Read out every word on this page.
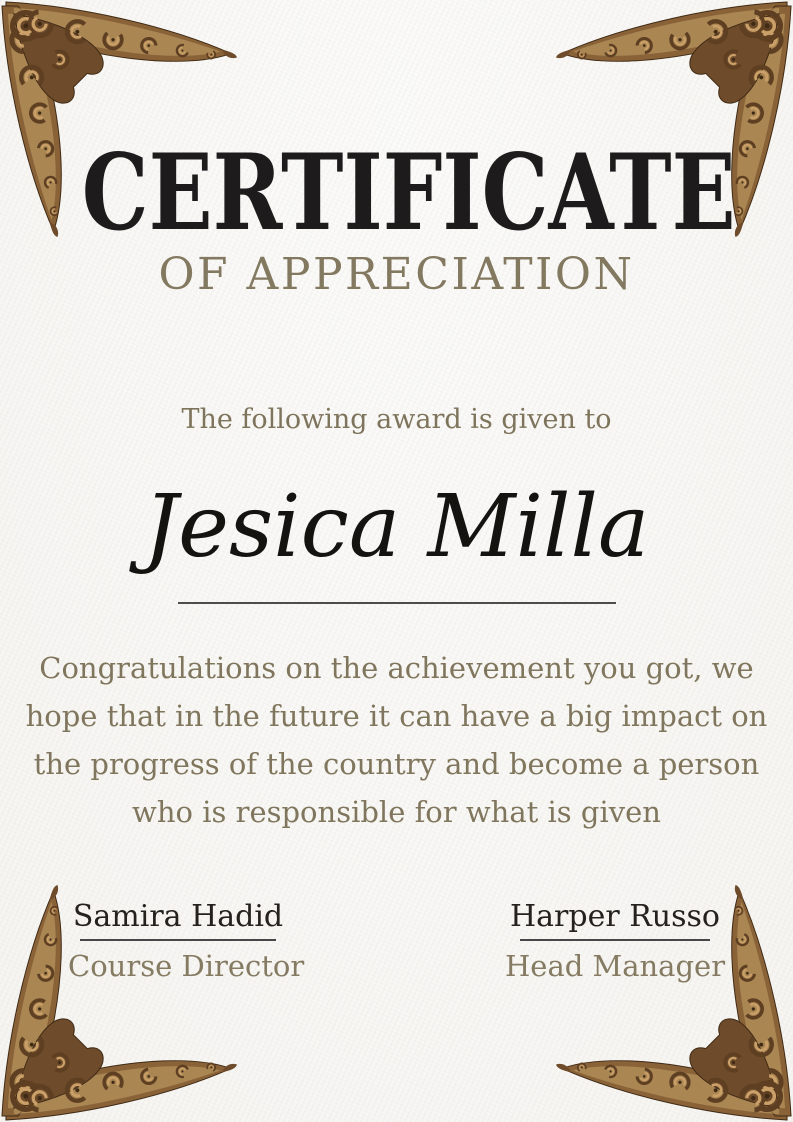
CERTIFICATE
OF APPRECIATION
The following award is given to
Jesica Milla
Congratulations on the achievement you got, we
hope that in the future it can have a big impact on
the progress of the country and become a person
who is responsible for what is given
Samira Hadid
Course Director
Harper Russo
Head Manager
